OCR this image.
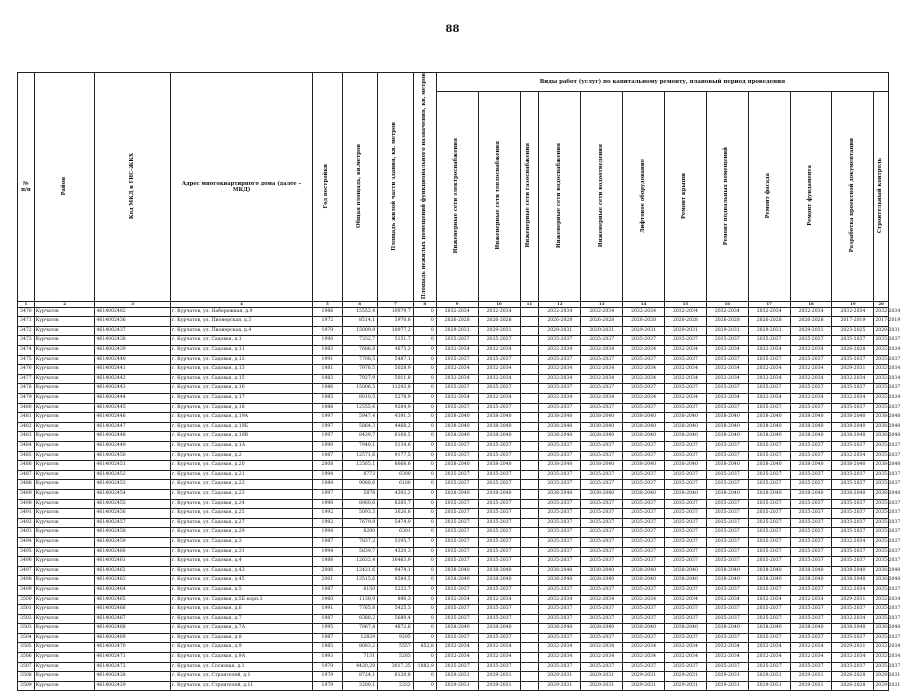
88
№ п/п	Район	Код МКД в ГИС-ЖКХ	Адрес многоквартирного дома (далее – МКД)	Год постройки	Общая площадь, кв.метров	Площадь жилой части здания, кв. метров	Площадь нежилых помещений функционального назначения, кв. метров	Виды работ (услуг) по капитальному ремонту, плановый период проведения											
								Инженерные сети электроснабжения	Инженерные сети теплоснабжения	Инженерные сети газоснабжения	Инженерные сети водоснабжения	Инженерные сети водоотведения	Лифтовое оборудование	Ремонт крыши	Ремонт подвальных помещений	Ремонт фасада	Ремонт фундамента	Разработка проектной документации	Строительный контроль
1	2	3	4	5	6	7	8	9	10	11	12	13	14	15	16	17	18	19	20
3470	Курчатов	4614002482	г. Курчатов, ул. Набережная, д.9	1986	15552,4	10979,7	0	2032-2034	2032-2034		2032-2034	2032-2034	2032-2034	2032-2034	2032-2034	2032-2034	2032-2034	2032-2034	2032-2034
3471	Курчатов	4614002436	г. Курчатов, ул. Пионерская, д.3	1972	8514,1	3970,8	0	2026-2028	2026-2028		2026-2028	2026-2028	2026-2028	2026-2028	2026-2028	2026-2028	2026-2028	2017-2019	2017-2019
3472	Курчатов	4614002437	г. Курчатов, ул. Пионерская, д.4	1979	15009,8	10977,2	0	2029-2031	2029-2031		2029-2031	2029-2031	2029-2031	2029-2031	2029-2031	2029-2031	2029-2031	2023-2025	2029-2031
3473	Курчатов	4614002438	г. Курчатов, ул. Садовая, д.1	1990	7332,7	5151,7	0	2035-2037	2035-2037		2035-2037	2035-2037	2035-2037	2035-2037	2035-2037	2035-2037	2035-2037	2035-2037	2035-2037
3474	Курчатов	4614002439	г. Курчатов, ул. Садовая, д.11	1983	7686,8	4875,2	0	2032-2034	2032-2034		2032-2034	2032-2034	2032-2034	2032-2034	2032-2034	2032-2034	2032-2034	2026-2028	2032-2034
3475	Курчатов	4614002440	г. Курчатов, ул. Садовая, д.12	1991	7708,5	5487,1	0	2035-2037	2035-2037		2035-2037	2035-2037	2035-2037	2035-2037	2035-2037	2035-2037	2035-2037	2035-2037	2035-2037
3476	Курчатов	4614002441	г. Курчатов, ул. Садовая, д.13	1981	7976,5	5028,9	0	2032-2034	2032-2034		2032-2034	2032-2034	2032-2034	2032-2034	2032-2034	2032-2034	2032-2034	2029-2031	2032-2034
3477	Курчатов	4614002442	г. Курчатов, ул. Садовая, д.15	1983	7927,9	5011,8	0	2032-2034	2032-2034		2032-2034	2032-2034	2032-2034	2032-2034	2032-2034	2032-2034	2032-2034	2032-2034	2032-2034
3478	Курчатов	4614002443	г. Курчатов, ул. Садовая, д.16	1986	15006,5	11292,8	0	2035-2037	2035-2037		2035-2037	2035-2037	2035-2037	2035-2037	2035-2037	2035-2037	2035-2037	2035-2037	2035-2037
3479	Курчатов	4614002444	г. Курчатов, ул. Садовая, д.17	1985	8010,5	5278,9	0	2032-2034	2032-2034		2032-2034	2032-2034	2032-2034	2032-2034	2032-2034	2032-2034	2032-2034	2032-2034	2032-2034
3480	Курчатов	4614002445	г. Курчатов, ул. Садовая, д.18	1988	12555,6	9284,9	0	2035-2037	2035-2037		2035-2037	2035-2037	2035-2037	2035-2037	2035-2037	2035-2037	2035-2037	2035-2037	2035-2037
3481	Курчатов	4614002446	г. Курчатов, ул. Садовая, д.19А	1997	5947,4	4391,3	0	2038-2040	2038-2040		2038-2040	2038-2040	2038-2040	2038-2040	2038-2040	2038-2040	2038-2040	2038-2040	2038-2040
3482	Курчатов	4614002447	г. Курчатов, ул. Садовая, д.19Б	1997	5864,3	4468,2	0	2038-2040	2038-2040		2038-2040	2038-2040	2038-2040	2038-2040	2038-2040	2038-2040	2038-2040	2038-2040	2038-2040
3483	Курчатов	4614002448	г. Курчатов, ул. Садовая, д.19В	1997	8439,7	6168,5	0	2038-2040	2038-2040		2038-2040	2038-2040	2038-2040	2038-2040	2038-2040	2038-2040	2038-2040	2038-2040	2038-2040
3484	Курчатов	4614002449	г. Курчатов, ул. Садовая, д.1А	1990	7940,1	5134,6	0	2035-2037	2035-2037		2035-2037	2035-2037	2035-2037	2035-2037	2035-2037	2035-2037	2035-2037	2035-2037	2035-2037
3485	Курчатов	4614002450	г. Курчатов, ул. Садовая, д.2	1987	12571,6	9177,5	0	2035-2037	2035-2037		2035-2037	2035-2037	2035-2037	2035-2037	2035-2037	2035-2037	2035-2037	2032-2034	2035-2037
3486	Курчатов	4614002451	г. Курчатов, ул. Садовая, д.20	2008	12565,1	8668,6	0	2038-2040	2038-2040		2038-2040	2038-2040	2038-2040	2038-2040	2038-2040	2038-2040	2038-2040	2038-2040	2038-2040
3487	Курчатов	4614002452	г. Курчатов, ул. Садовая, д.21	1994	8773	6300	0	2035-2037	2035-2037		2035-2037	2035-2037	2035-2037	2035-2037	2035-2037	2035-2037	2035-2037	2035-2037	2035-2037
3488	Курчатов	4614002453	г. Курчатов, ул. Садовая, д.22	1989	9088,6	6100	0	2035-2037	2035-2037		2035-2037	2035-2037	2035-2037	2035-2037	2035-2037	2035-2037	2035-2037	2035-2037	2035-2037
3489	Курчатов	4614002454	г. Курчатов, ул. Садовая, д.23	1997	5878	4392,2	0	2038-2040	2038-2040		2038-2040	2038-2040	2038-2040	2038-2040	2038-2040	2038-2040	2038-2040	2038-2040	2038-2040
3490	Курчатов	4614002455	г. Курчатов, ул. Садовая, д.24	1990	8960,6	6285,7	0	2035-2037	2035-2037		2035-2037	2035-2037	2035-2037	2035-2037	2035-2037	2035-2037	2035-2037	2035-2037	2035-2037
3491	Курчатов	4614002456	г. Курчатов, ул. Садовая, д.25	1992	5093,3	3626,8	0	2035-2037	2035-2037		2035-2037	2035-2037	2035-2037	2035-2037	2035-2037	2035-2037	2035-2037	2035-2037	2035-2037
3492	Курчатов	4614002457	г. Курчатов, ул. Садовая, д.27	1992	7679,8	5474,9	0	2035-2037	2035-2037		2035-2037	2035-2037	2035-2037	2035-2037	2035-2037	2035-2037	2035-2037	2035-2037	2035-2037
3493	Курчатов	4614002458	г. Курчатов, ул. Садовая, д.29	1994	8290	6301	0	2035-2037	2035-2037		2035-2037	2035-2037	2035-2037	2035-2037	2035-2037	2035-2037	2035-2037	2035-2037	2035-2037
3494	Курчатов	4614002459	г. Курчатов, ул. Садовая, д.3	1987	7837,2	5195,7	0	2035-2037	2035-2037		2035-2037	2035-2037	2035-2037	2035-2037	2035-2037	2035-2037	2035-2037	2032-2034	2035-2037
3495	Курчатов	4614002460	г. Курчатов, ул. Садовая, д.31	1994	5839,7	4320,3	0	2035-2037	2035-2037		2035-2037	2035-2037	2035-2037	2035-2037	2035-2037	2035-2037	2035-2037	2035-2037	2035-2037
3496	Курчатов	4614002461	г. Курчатов, ул. Садовая, д.4	1988	12632,4	16463,9	0	2035-2037	2035-2037		2035-2037	2035-2037	2035-2037	2035-2037	2035-2037	2035-2037	2035-2037	2035-2037	2035-2037
3497	Курчатов	4614002462	г. Курчатов, ул. Садовая, д.43	2006	12421,6	9474,1	0	2038-2040	2038-2040		2038-2040	2038-2040	2038-2040	2038-2040	2038-2040	2038-2040	2038-2040	2038-2040	2038-2040
3498	Курчатов	4614002463	г. Курчатов, ул. Садовая, д.45	2001	13515,6	8584,5	0	2038-2040	2038-2040		2038-2040	2038-2040	2038-2040	2038-2040	2038-2040	2038-2040	2038-2040	2038-2040	2038-2040
3499	Курчатов	4614002464	г. Курчатов, ул. Садовая, д.5	1987	8150	5232,7	0	2035-2037	2035-2037		2035-2037	2035-2037	2035-2037	2035-2037	2035-2037	2035-2037	2035-2037	2032-2034	2035-2037
3500	Курчатов	4614002465	г. Курчатов, ул. Садовая, д.5Б корп.3	1960	1138,9	896,3	0	2032-2034	2032-2034		2032-2034	2032-2034	2032-2034	2032-2034	2032-2034	2032-2034	2032-2034	2029-2031	2032-2034
3501	Курчатов	4614002466	г. Курчатов, ул. Садовая, д.6	1991	7765,8	5425,3	0	2035-2037	2035-2037		2035-2037	2035-2037	2035-2037	2035-2037	2035-2037	2035-2037	2035-2037	2035-2037	2035-2037
3502	Курчатов	4614002467	г. Курчатов, ул. Садовая, д.7	1987	8388,2	5689,4	0	2035-2037	2035-2037		2035-2037	2035-2037	2035-2037	2035-2037	2035-2037	2035-2037	2035-2037	2032-2034	2035-2037
3503	Курчатов	4614002468	г. Курчатов, ул. Садовая, д.7А	1995	7067,4	4872,6	0	2038-2040	2038-2040		2038-2040	2038-2040	2038-2040	2038-2040	2038-2040	2038-2040	2038-2040	2038-2040	2038-2040
3504	Курчатов	4614002469	г. Курчатов, ул. Садовая, д.8	1987	12829	9295	0	2035-2037	2035-2037		2035-2037	2035-2037	2035-2037	2035-2037	2035-2037	2035-2037	2035-2037	2035-2037	2035-2037
3505	Курчатов	4614002470	г. Курчатов, ул. Садовая, д.9	1985	8083,2	5557	852,8	2032-2034	2032-2034		2032-2034	2032-2034	2032-2034	2032-2034	2032-2034	2032-2034	2032-2034	2029-2031	2032-2034
3506	Курчатов	4614002471	г. Курчатов, ул. Садовая, д.9А	1993	7131	5283	0	2032-2034	2032-2034		2032-2034	2032-2034	2032-2034	2032-2034	2032-2034	2032-2034	2032-2034	2032-2034	2032-2034
3507	Курчатов	4614002472	г. Курчатов, ул. Сосновая, д.1	1979	4420,29	3017,35	1882,9	2035-2037	2035-2037		2035-2037	2035-2037	2035-2037	2035-2037	2035-2037	2035-2037	2035-2037	2035-2037	2035-2037
3508	Курчатов	4614002428	г. Курчатов, ул. Строителей, д.1	1979	8724,1	6120,8	0	2029-2031	2029-2031		2029-2031	2029-2031	2029-2031	2029-2031	2029-2031	2029-2031	2029-2031	2026-2028	2029-2031
3509	Курчатов	4614002429	г. Курчатов, ул. Строителей, д.11	1979	3200,1	2332	0	2029-2031	2029-2031		2029-2031	2029-2031	2029-2031	2029-2031	2029-2031	2029-2031	2029-2031	2026-2028	2029-2031
